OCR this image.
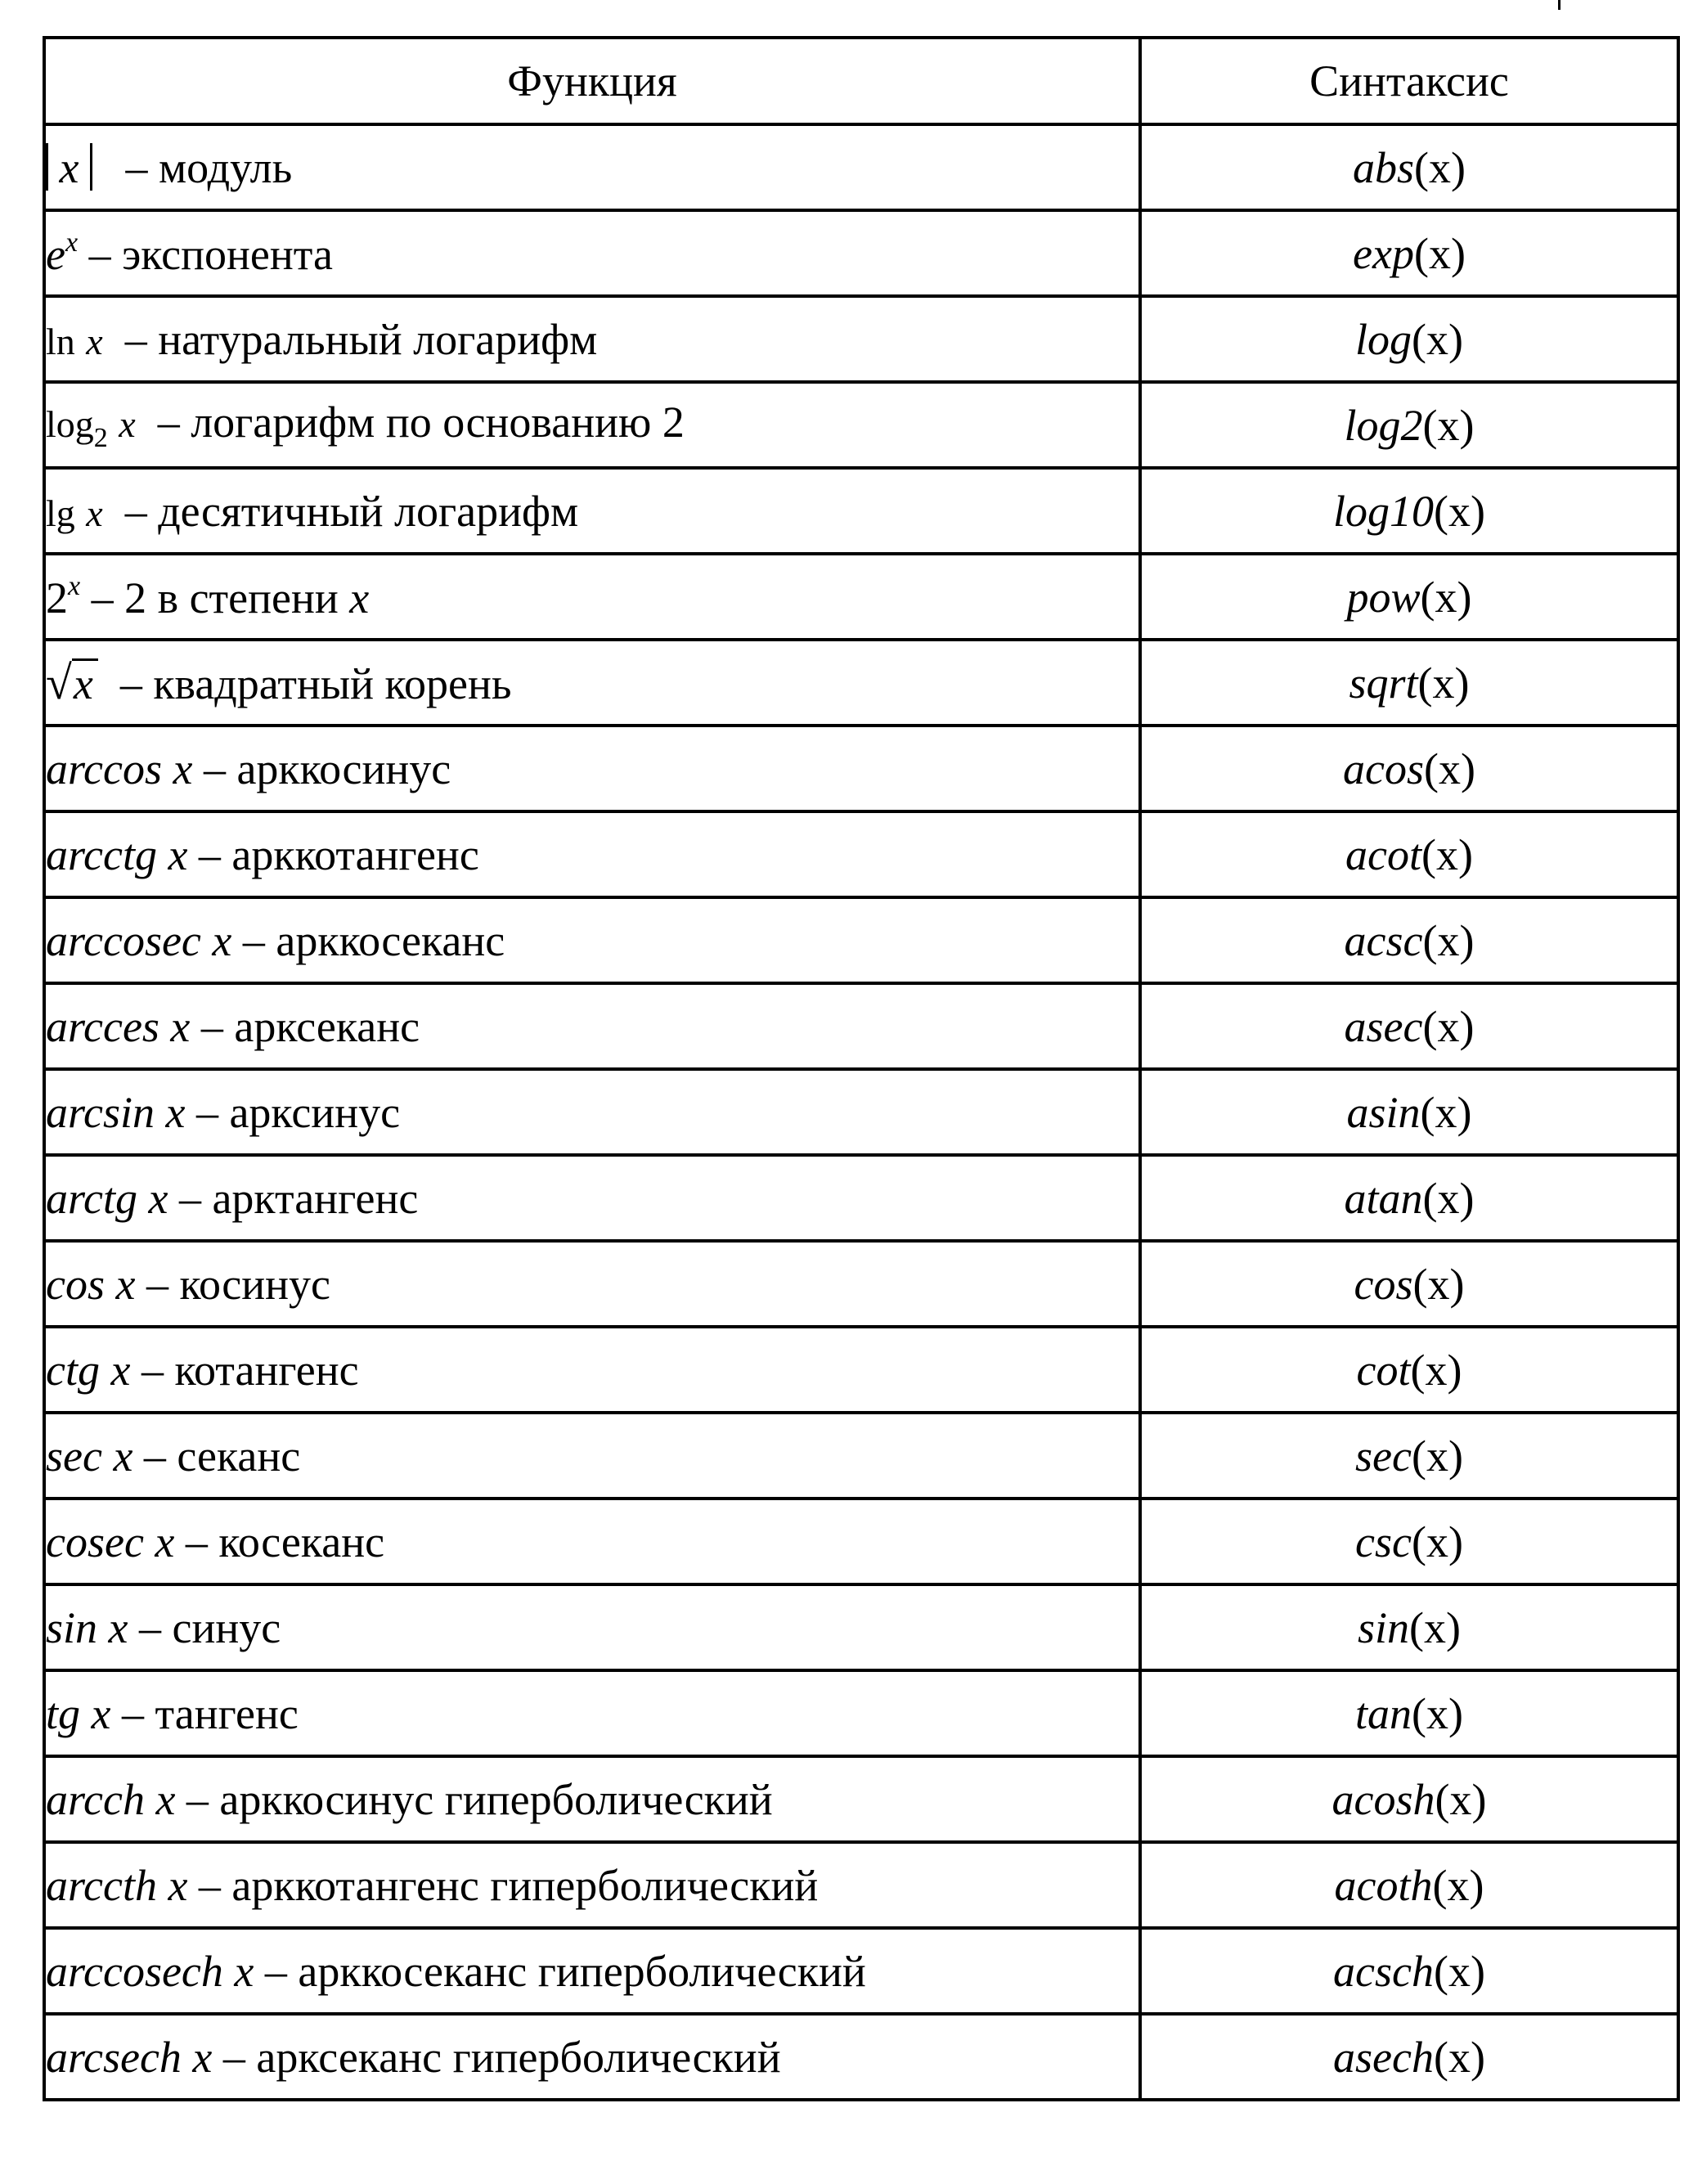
Функция	Синтаксис
x – модуль	abs(x)
$e^x$ – экспонента	exp(x)
ln x – натуральный логарифм	log(x)
$\log_2 x$ – логарифм по основанию 2	log2(x)
lg x – десятичный логарифм	log10(x)
2$^x$ – 2 в степени x	pow(x)
√x – квадратный корень	sqrt(x)
arccos x – арккосинус	acos(x)
arcctg x – арккотангенс	acot(x)
arccosec x – арккосеканс	acsc(x)
arcces x – арксеканс	asec(x)
arcsin x – арксинус	asin(x)
arctg x – арктангенс	atan(x)
cos x – косинус	cos(x)
ctg x – котангенс	cot(x)
sec x – секанс	sec(x)
cosec x – косеканс	csc(x)
sin x – синус	sin(x)
tg x – тангенс	tan(x)
arcch x – арккосинус гиперболический	acosh(x)
arccth x – арккотангенс гиперболический	acoth(x)
arccosech x – арккосеканс гиперболический	acsch(x)
arcsech x – арксеканс гиперболический	asech(x)
